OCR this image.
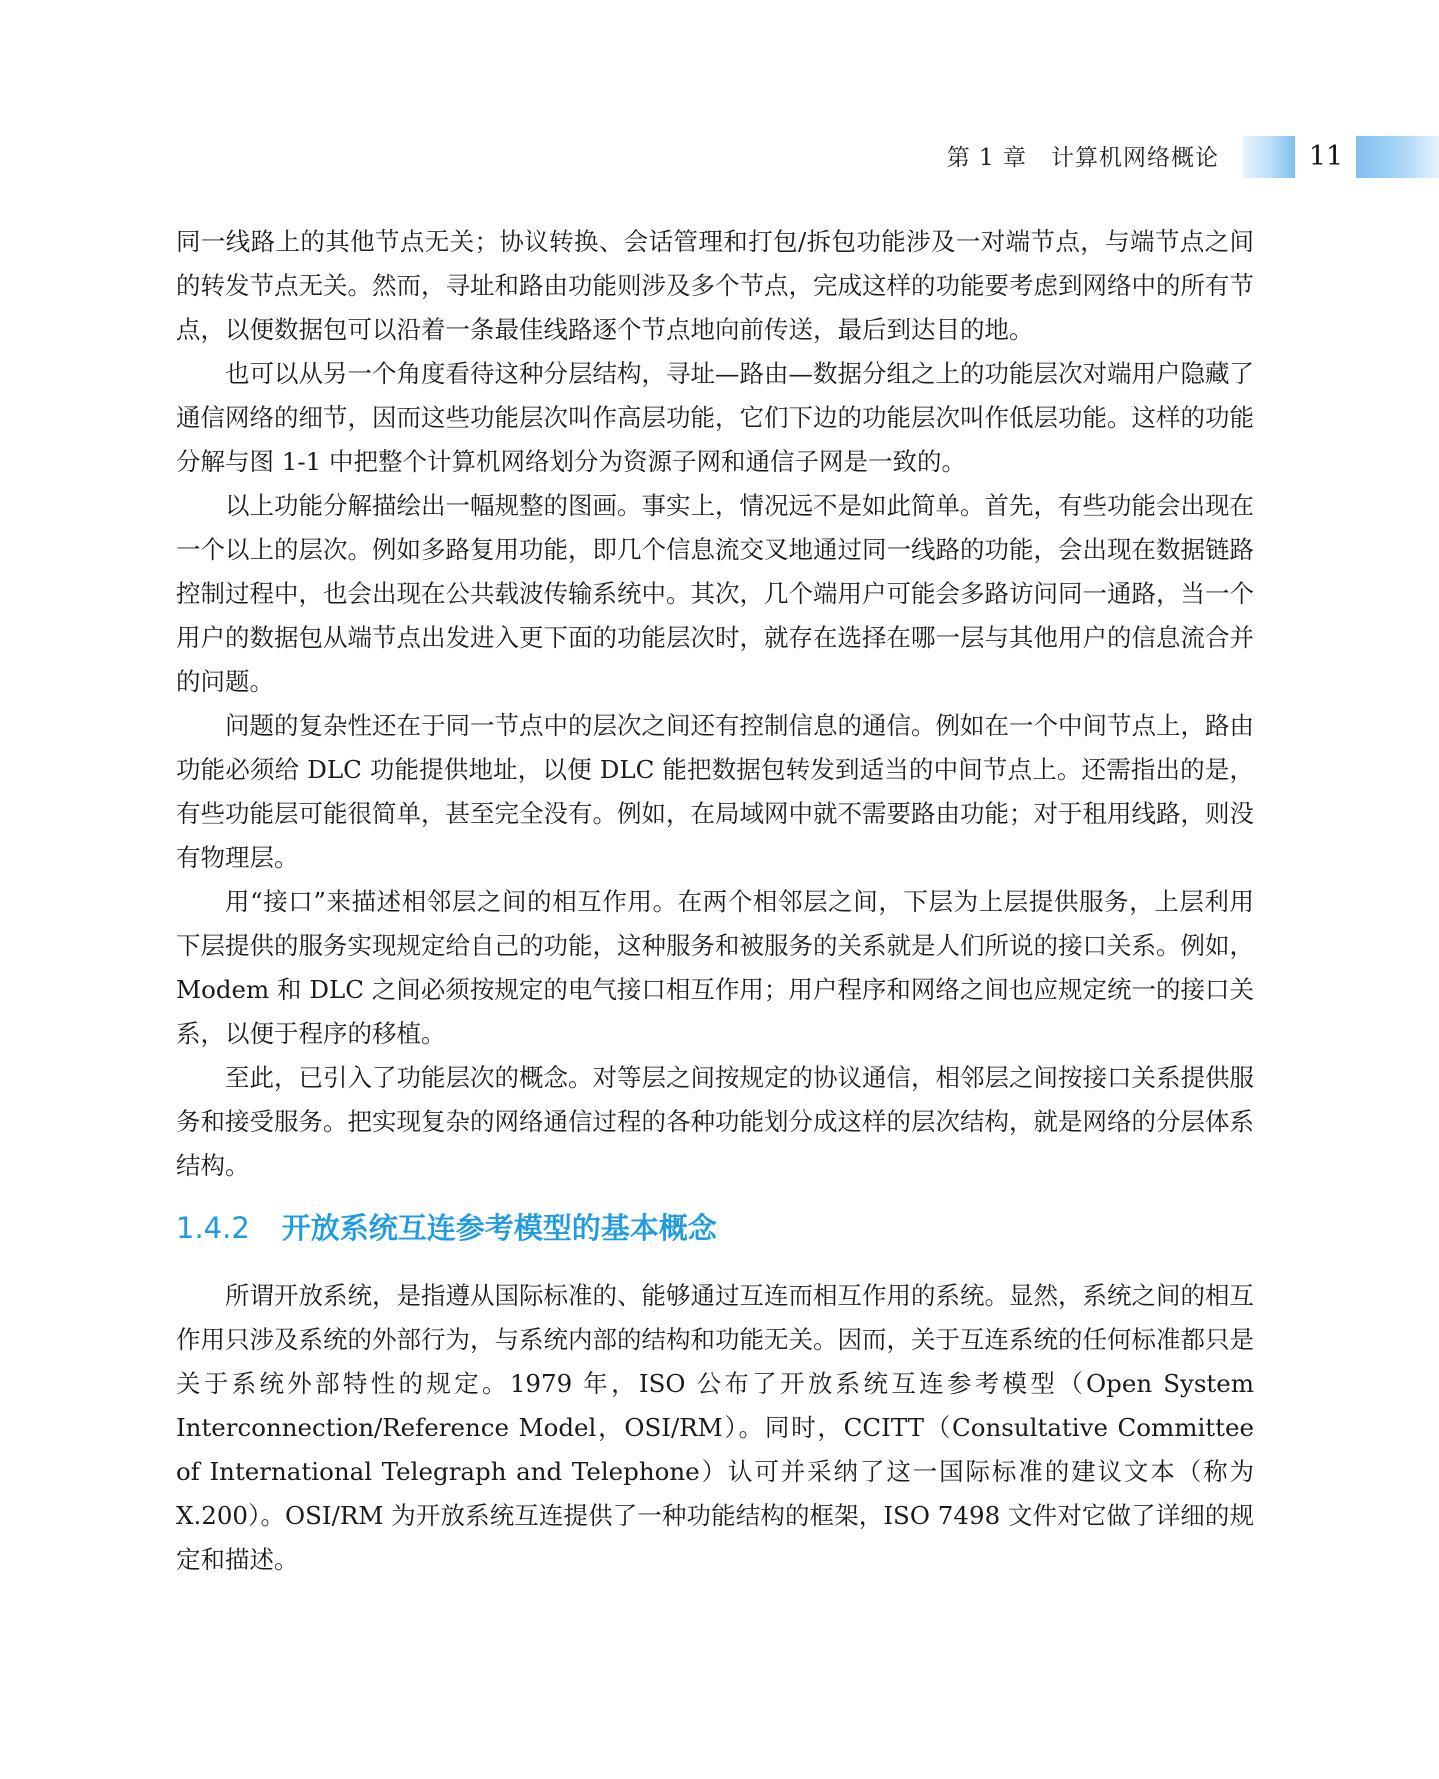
第 1 章　计算机网络概论	11

同一线路上的其他节点无关；协议转换、会话管理和打包/拆包功能涉及一对端节点，与端节点之间的转发节点无关。然而，寻址和路由功能则涉及多个节点，完成这样的功能要考虑到网络中的所有节点，以便数据包可以沿着一条最佳线路逐个节点地向前传送，最后到达目的地。

也可以从另一个角度看待这种分层结构，寻址—路由—数据分组之上的功能层次对端用户隐藏了通信网络的细节，因而这些功能层次叫作高层功能，它们下边的功能层次叫作低层功能。这样的功能分解与图 1-1 中把整个计算机网络划分为资源子网和通信子网是一致的。

以上功能分解描绘出一幅规整的图画。事实上，情况远不是如此简单。首先，有些功能会出现在一个以上的层次。例如多路复用功能，即几个信息流交叉地通过同一线路的功能，会出现在数据链路控制过程中，也会出现在公共载波传输系统中。其次，几个端用户可能会多路访问同一通路，当一个用户的数据包从端节点出发进入更下面的功能层次时，就存在选择在哪一层与其他用户的信息流合并的问题。

问题的复杂性还在于同一节点中的层次之间还有控制信息的通信。例如在一个中间节点上，路由功能必须给 DLC 功能提供地址，以便 DLC 能把数据包转发到适当的中间节点上。还需指出的是，有些功能层可能很简单，甚至完全没有。例如，在局域网中就不需要路由功能；对于租用线路，则没有物理层。

用“接口”来描述相邻层之间的相互作用。在两个相邻层之间，下层为上层提供服务，上层利用下层提供的服务实现规定给自己的功能，这种服务和被服务的关系就是人们所说的接口关系。例如，Modem 和 DLC 之间必须按规定的电气接口相互作用；用户程序和网络之间也应规定统一的接口关系，以便于程序的移植。

至此，已引入了功能层次的概念。对等层之间按规定的协议通信，相邻层之间按接口关系提供服务和接受服务。把实现复杂的网络通信过程的各种功能划分成这样的层次结构，就是网络的分层体系结构。

1.4.2 开放系统互连参考模型的基本概念

所谓开放系统，是指遵从国际标准的、能够通过互连而相互作用的系统。显然，系统之间的相互作用只涉及系统的外部行为，与系统内部的结构和功能无关。因而，关于互连系统的任何标准都只是关于系统外部特性的规定。1979 年，ISO 公布了开放系统互连参考模型（Open System Interconnection/Reference Model，OSI/RM）。同时，CCITT（Consultative Committee of International Telegraph and Telephone）认可并采纳了这一国际标准的建议文本（称为 X.200）。OSI/RM 为开放系统互连提供了一种功能结构的框架，ISO 7498 文件对它做了详细的规定和描述。
